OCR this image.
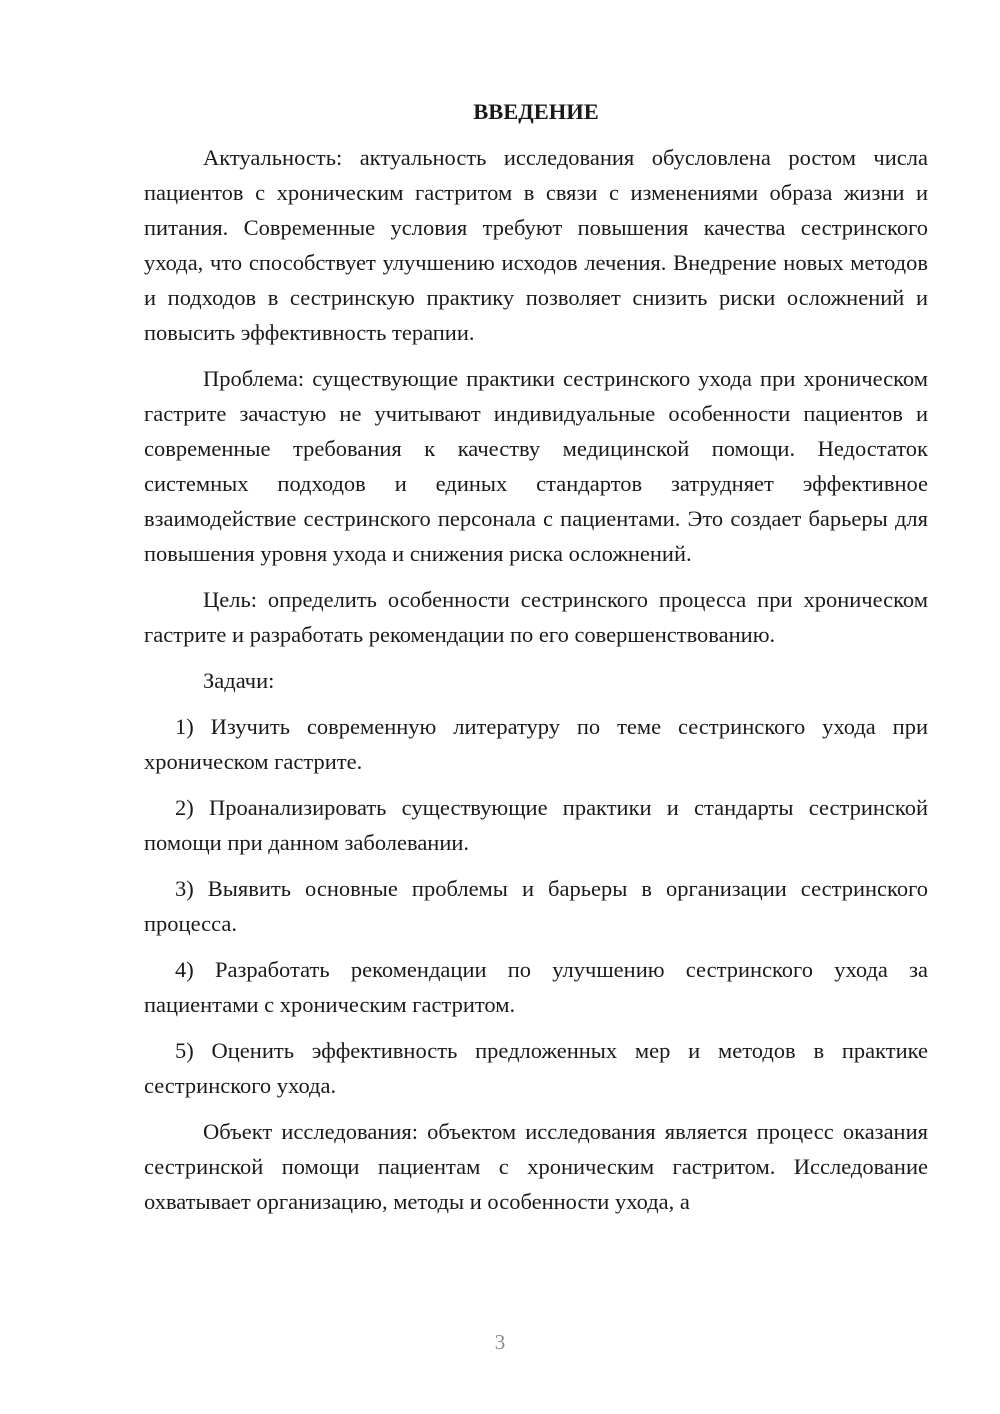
ВВЕДЕНИЕ

Актуальность: актуальность исследования обусловлена ростом числа пациентов с хроническим гастритом в связи с изменениями образа жизни и питания. Современные условия требуют повышения качества сестринского ухода, что способствует улучшению исходов лечения. Внедрение новых методов и подходов в сестринскую практику позволяет снизить риски осложнений и повысить эффективность терапии.

Проблема: существующие практики сестринского ухода при хроническом гастрите зачастую не учитывают индивидуальные особенности пациентов и современные требования к качеству медицинской помощи. Недостаток системных подходов и единых стандартов затрудняет эффективное взаимодействие сестринского персонала с пациентами. Это создает барьеры для повышения уровня ухода и снижения риска осложнений.

Цель: определить особенности сестринского процесса при хроническом гастрите и разработать рекомендации по его совершенствованию.

Задачи:

1) Изучить современную литературу по теме сестринского ухода при хроническом гастрите.

2) Проанализировать существующие практики и стандарты сестринской помощи при данном заболевании.

3) Выявить основные проблемы и барьеры в организации сестринского процесса.

4) Разработать рекомендации по улучшению сестринского ухода за пациентами с хроническим гастритом.

5) Оценить эффективность предложенных мер и методов в практике сестринского ухода.

Объект исследования: объектом исследования является процесс оказания сестринской помощи пациентам с хроническим гастритом. Исследование охватывает организацию, методы и особенности ухода, а

3
